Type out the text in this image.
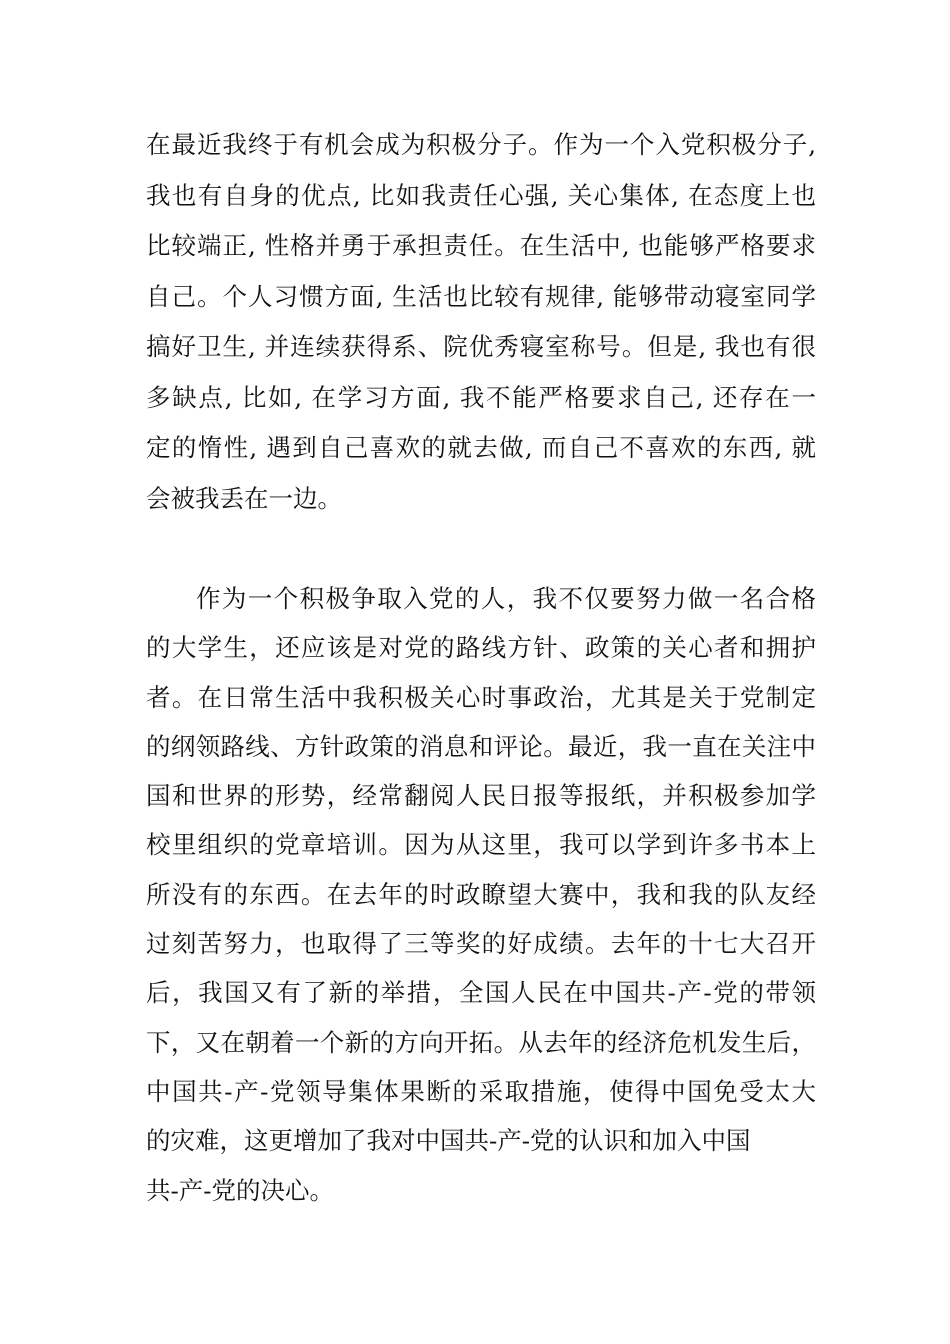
在最近我终于有机会成为积极分子。作为一个入党积极分子,
我也有自身的优点, 比如我责任心强, 关心集体, 在态度上也
比较端正, 性格并勇于承担责任。在生活中, 也能够严格要求
自己。个人习惯方面, 生活也比较有规律, 能够带动寝室同学
搞好卫生, 并连续获得系、院优秀寝室称号。但是, 我也有很
多缺点, 比如, 在学习方面, 我不能严格要求自己, 还存在一
定的惰性, 遇到自己喜欢的就去做, 而自己不喜欢的东西, 就
会被我丢在一边。
作为一个积极争取入党的人，我不仅要努力做一名合格
的大学生，还应该是对党的路线方针、政策的关心者和拥护
者。在日常生活中我积极关心时事政治，尤其是关于党制定
的纲领路线、方针政策的消息和评论。最近，我一直在关注中
国和世界的形势，经常翻阅人民日报等报纸，并积极参加学
校里组织的党章培训。因为从这里，我可以学到许多书本上
所没有的东西。在去年的时政瞭望大赛中，我和我的队友经
过刻苦努力，也取得了三等奖的好成绩。去年的十七大召开
后，我国又有了新的举措，全国人民在中国共-产-党的带领
下，又在朝着一个新的方向开拓。从去年的经济危机发生后，
中国共-产-党领导集体果断的采取措施，使得中国免受太大
的灾难，这更增加了我对中国共-产-党的认识和加入中国
共-产-党的决心。
